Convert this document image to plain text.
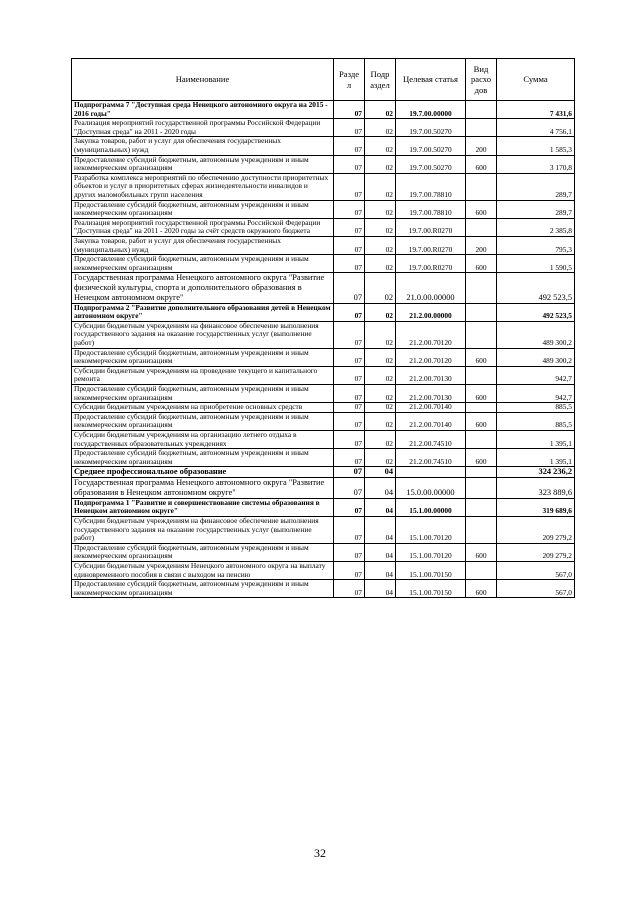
Наименование	Разде л	Подр аздел	Целевая статья	Вид расхо дов	Сумма
Подпрограмма 7 "Доступная среда Ненецкого автономного округа на 2015 - 2016 годы"	07	02	19.7.00.00000		7 431,6
Реализация мероприятий государственной программы Российской Федерации "Доступная среда" на 2011 - 2020 годы	07	02	19.7.00.50270		4 756,1
Закупка товаров, работ и услуг для обеспечения государственных (муниципальных) нужд	07	02	19.7.00.50270	200	1 585,3
Предоставление субсидий бюджетным, автономным учреждениям и иным некоммерческим организациям	07	02	19.7.00.50270	600	3 170,8
Разработка комплекса мероприятий по обеспечению доступности приоритетных объектов и услуг в приоритетных сферах жизнедеятельности инвалидов и других маломобильных групп населения	07	02	19.7.00.78810		289,7
Предоставление субсидий бюджетным, автономным учреждениям и иным некоммерческим организациям	07	02	19.7.00.78810	600	289,7
Реализация мероприятий государственной программы Российской Федерации "Доступная среда" на 2011 - 2020 годы за счёт средств окружного бюджета	07	02	19.7.00.R0270		2 385,8
Закупка товаров, работ и услуг для обеспечения государственных (муниципальных) нужд	07	02	19.7.00.R0270	200	795,3
Предоставление субсидий бюджетным, автономным учреждениям и иным некоммерческим организациям	07	02	19.7.00.R0270	600	1 590,5
Государственная программа Ненецкого автономного округа "Развитие физической культуры, спорта и дополнительного образования в Ненецком автономном округе"	07	02	21.0.00.00000		492 523,5
Подпрограмма 2 "Развитие дополнительного образования детей в Ненецком автономном округе"	07	02	21.2.00.00000		492 523,5
Субсидии бюджетным учреждениям на финансовое обеспечение выполнения государственного задания на оказание государственных услуг (выполнение работ)	07	02	21.2.00.70120		489 300,2
Предоставление субсидий бюджетным, автономным учреждениям и иным некоммерческим организациям	07	02	21.2.00.70120	600	489 300,2
Субсидии бюджетным учреждениям на проведение текущего и капитального ремонта	07	02	21.2.00.70130		942,7
Предоставление субсидий бюджетным, автономным учреждениям и иным некоммерческим организациям	07	02	21.2.00.70130	600	942,7
Субсидии бюджетным учреждениям на приобретение основных средств	07	02	21.2.00.70140		885,5
Предоставление субсидий бюджетным, автономным учреждениям и иным некоммерческим организациям	07	02	21.2.00.70140	600	885,5
Субсидии бюджетным учреждениям на организацию летнего отдыха в государственных образовательных учреждениях	07	02	21.2.00.74510		1 395,1
Предоставление субсидий бюджетным, автономным учреждениям и иным некоммерческим организациям	07	02	21.2.00.74510	600	1 395,1
Среднее профессиональное образование	07	04			324 236,2
Государственная программа Ненецкого автономного округа "Развитие образования в Ненецком автономном округе"	07	04	15.0.00.00000		323 889,6
Подпрограмма 1 "Развитие и совершенствование системы образования в Ненецком автономном округе"	07	04	15.1.00.00000		319 689,6
Субсидии бюджетным учреждениям на финансовое обеспечение выполнения государственного задания на оказание государственных услуг (выполнение работ)	07	04	15.1.00.70120		209 279,2
Предоставление субсидий бюджетным, автономным учреждениям и иным некоммерческим организациям	07	04	15.1.00.70120	600	209 279,2
Субсидии бюджетным учреждениям Ненецкого автономного округа на выплату единовременного пособия в связи с выходом на пенсию	07	04	15.1.00.70150		567,0
Предоставление субсидий бюджетным, автономным учреждениям и иным некоммерческим организациям	07	04	15.1.00.70150	600	567,0
32
